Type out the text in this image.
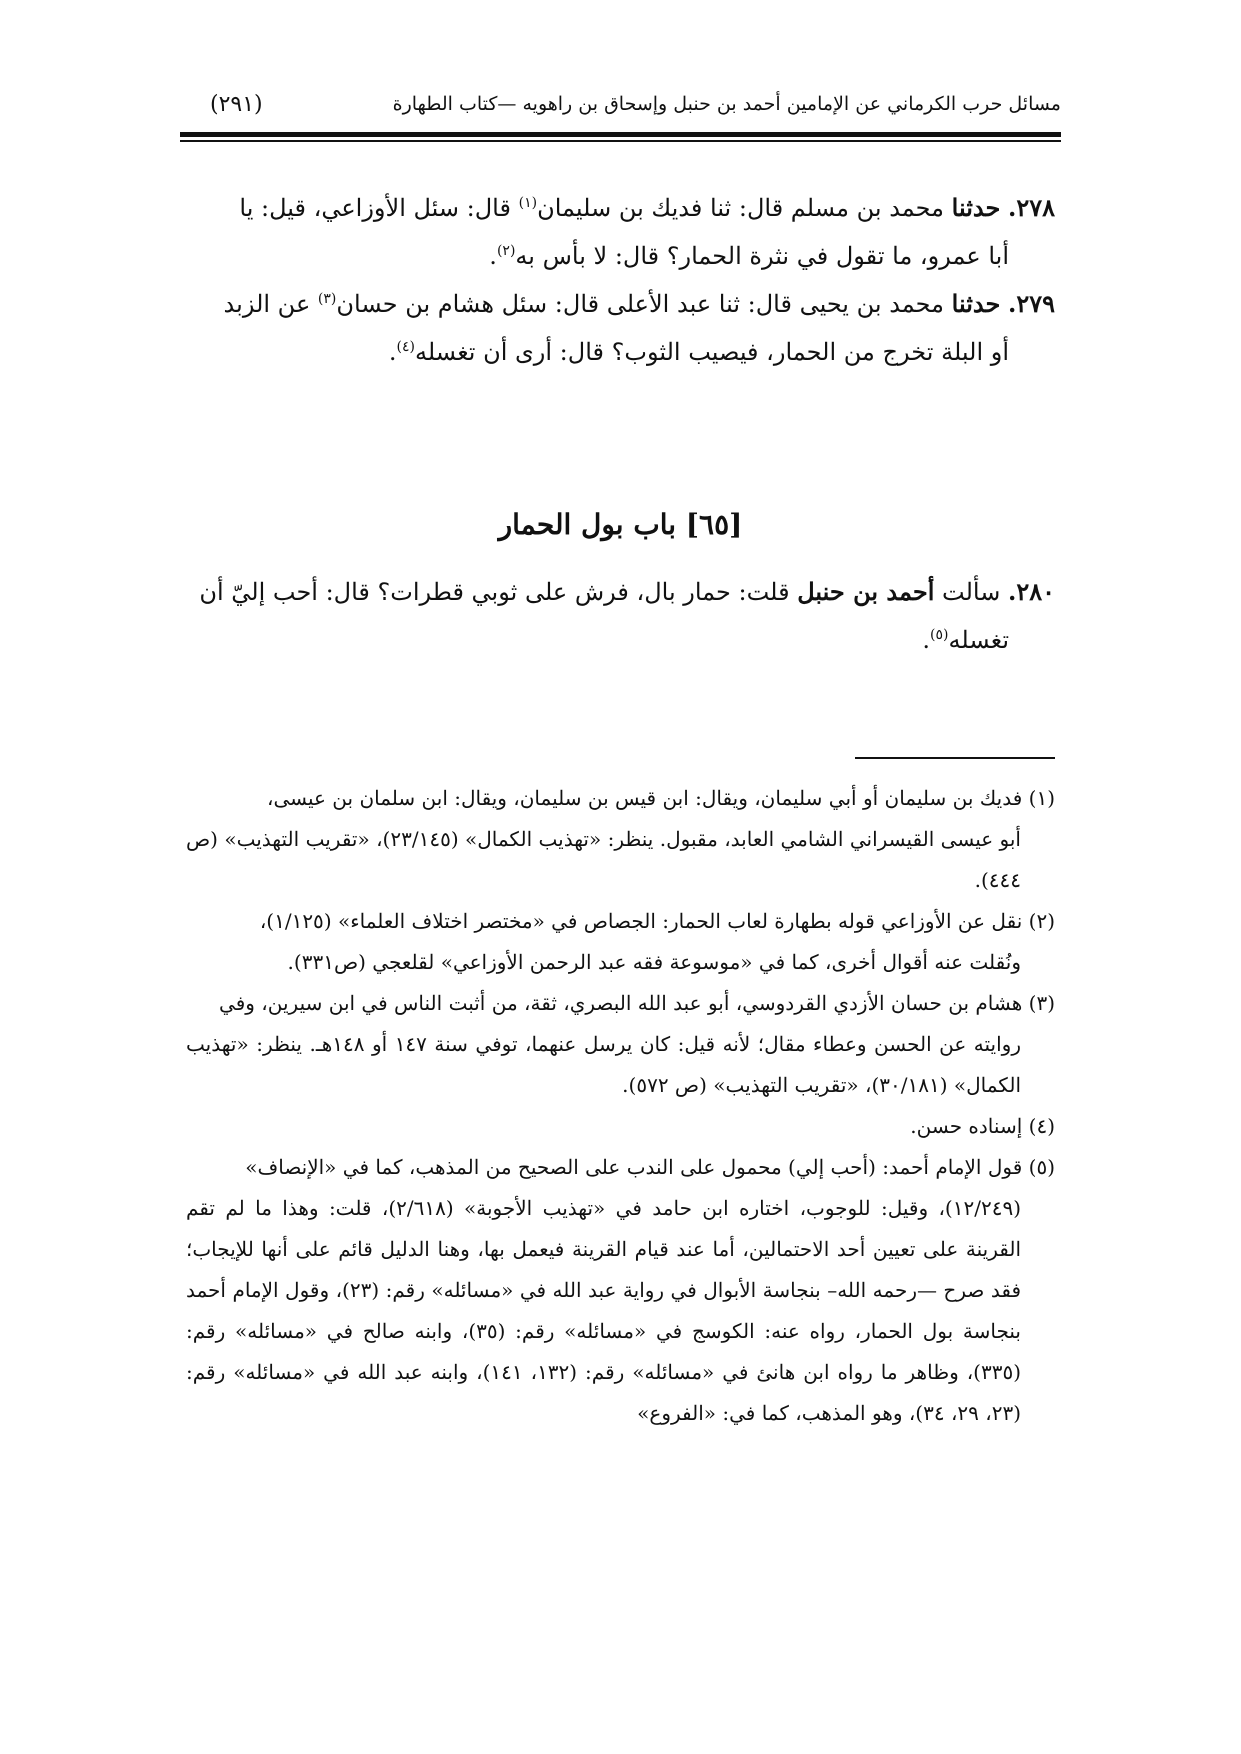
مسائل حرب الكرماني عن الإمامين أحمد بن حنبل وإسحاق بن راهويه —كتاب الطهارة
(٢٩١)

٢٧٨. حدثنا محمد بن مسلم قال: ثنا فديك بن سليمان$^{(١)}$ قال: سئل الأوزاعي، قيل: يا
أبا عمرو، ما تقول في نثرة الحمار؟ قال: لا بأس به$^{(٢)}$.

٢٧٩. حدثنا محمد بن يحيى قال: ثنا عبد الأعلى قال: سئل هشام بن حسان$^{(٣)}$ عن الزبد
أو البلة تخرج من الحمار، فيصيب الثوب؟ قال: أرى أن تغسله$^{(٤)}$.

[٦٥] باب بول الحمار

٢٨٠. سألت أحمد بن حنبل قلت: حمار بال، فرش على ثوبي قطرات؟ قال: أحب إليّ أن
تغسله$^{(٥)}$.

(١) فديك بن سليمان أو أبي سليمان، ويقال: ابن قيس بن سليمان، ويقال: ابن سلمان بن عيسى،
أبو عيسى القيسراني الشامي العابد، مقبول. ينظر: «تهذيب الكمال» (٢٣/١٤٥)، «تقريب التهذيب» (ص ٤٤٤).

(٢) نقل عن الأوزاعي قوله بطهارة لعاب الحمار: الجصاص في «مختصر اختلاف العلماء» (١/١٢٥)،
ونُقلت عنه أقوال أخرى، كما في «موسوعة فقه عبد الرحمن الأوزاعي» لقلعجي (ص٣٣١).

(٣) هشام بن حسان الأزدي القردوسي، أبو عبد الله البصري، ثقة، من أثبت الناس في ابن سيرين، وفي
روايته عن الحسن وعطاء مقال؛ لأنه قيل: كان يرسل عنهما، توفي سنة ١٤٧ أو ١٤٨هـ. ينظر: «تهذيب الكمال» (٣٠/١٨١)، «تقريب التهذيب» (ص ٥٧٢).

(٤) إسناده حسن.

(٥) قول الإمام أحمد: (أحب إلي) محمول على الندب على الصحيح من المذهب، كما في «الإنصاف»
(١٢/٢٤٩)، وقيل: للوجوب، اختاره ابن حامد في «تهذيب الأجوبة» (٢/٦١٨)، قلت: وهذا ما لم تقم القرينة على تعيين أحد الاحتمالين، أما عند قيام القرينة فيعمل بها، وهنا الدليل قائم على أنها للإيجاب؛ فقد صرح —رحمه الله– بنجاسة الأبوال في رواية عبد الله في «مسائله» رقم: (٢٣)، وقول الإمام أحمد بنجاسة بول الحمار، رواه عنه: الكوسج في «مسائله» رقم: (٣٥)، وابنه صالح في «مسائله» رقم: (٣٣٥)، وظاهر ما رواه ابن هانئ في «مسائله» رقم: (١٣٢، ١٤١)، وابنه عبد الله في «مسائله» رقم: (٢٣، ٢٩، ٣٤)، وهو المذهب، كما في: «الفروع»
